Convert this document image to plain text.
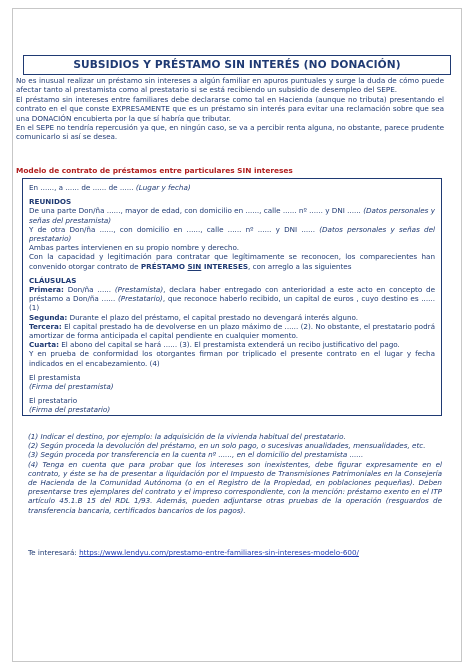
SUBSIDIOS Y PRÉSTAMO SIN INTERÉS (NO DONACIÓN)

No es inusual realizar un préstamo sin intereses a algún familiar en apuros puntuales y surge la duda de cómo puede afectar tanto al prestamista como al prestatario si se está recibiendo un subsidio de desempleo del SEPE.

El préstamo sin intereses entre familiares debe declararse como tal en Hacienda (aunque no tributa) presentando el contrato en el que conste EXPRESAMENTE que es un préstamo sin interés para evitar una reclamación sobre que sea una DONACIÓN encubierta por la que sí habría que tributar.

En el SEPE no tendría repercusión ya que, en ningún caso, se va a percibir renta alguna, no obstante, parece prudente comunicarlo si así se desea.

Modelo de contrato de préstamos entre particulares SIN intereses

En ......, a ...... de ...... de ...... (Lugar y fecha)

REUNIDOS

De una parte Don/ña ......, mayor de edad, con domicilio en ......, calle ...... nº ...... y DNI ...... (Datos personales y señas del prestamista)

Y de otra Don/ña ......, con domicilio en ......, calle ...... nº ...... y DNI ...... (Datos personales y señas del prestatario)

Ambas partes intervienen en su propio nombre y derecho.

Con la capacidad y legitimación para contratar que legítimamente se reconocen, los comparecientes han convenido otorgar contrato de PRÉSTAMO SIN INTERESES, con arreglo a las siguientes

CLÁUSULAS

Primera: Don/ña ...... (Prestamista), declara haber entregado con anterioridad a este acto en concepto de préstamo a Don/ña ...... (Prestatario), que reconoce haberlo recibido, un capital de euros , cuyo destino es ...... (1)

Segunda: Durante el plazo del préstamo, el capital prestado no devengará interés alguno.

Tercera: El capital prestado ha de devolverse en un plazo máximo de ...... (2). No obstante, el prestatario podrá amortizar de forma anticipada el capital pendiente en cualquier momento.

Cuarta: El abono del capital se hará ...... (3). El prestamista extenderá un recibo justificativo del pago.

Y en prueba de conformidad los otorgantes firman por triplicado el presente contrato en el lugar y fecha indicados en el encabezamiento. (4)

El prestamista

(Firma del prestamista)

El prestatario

(Firma del prestatario)

(1) Indicar el destino, por ejemplo: la adquisición de la vivienda habitual del prestatario.

(2) Según proceda la devolución del préstamo, en un solo pago, o sucesivas anualidades, mensualidades, etc.

(3) Según proceda por transferencia en la cuenta nº ......, en el domicilio del prestamista ......

(4) Tenga en cuenta que para probar que los intereses son inexistentes, debe figurar expresamente en el contrato, y éste se ha de presentar a liquidación por el Impuesto de Transmisiones Patrimoniales en la Consejería de Hacienda de la Comunidad Autónoma (o en el Registro de la Propiedad, en poblaciones pequeñas). Deben presentarse tres ejemplares del contrato y el impreso correspondiente, con la mención: préstamo exento en el ITP artículo 45.1.B 15 del RDL 1/93. Además, pueden adjuntarse otras pruebas de la operación (resguardos de transferencia bancaria, certificados bancarios de los pagos).

Te interesará: https://www.lendyu.com/prestamo-entre-familiares-sin-intereses-modelo-600/
